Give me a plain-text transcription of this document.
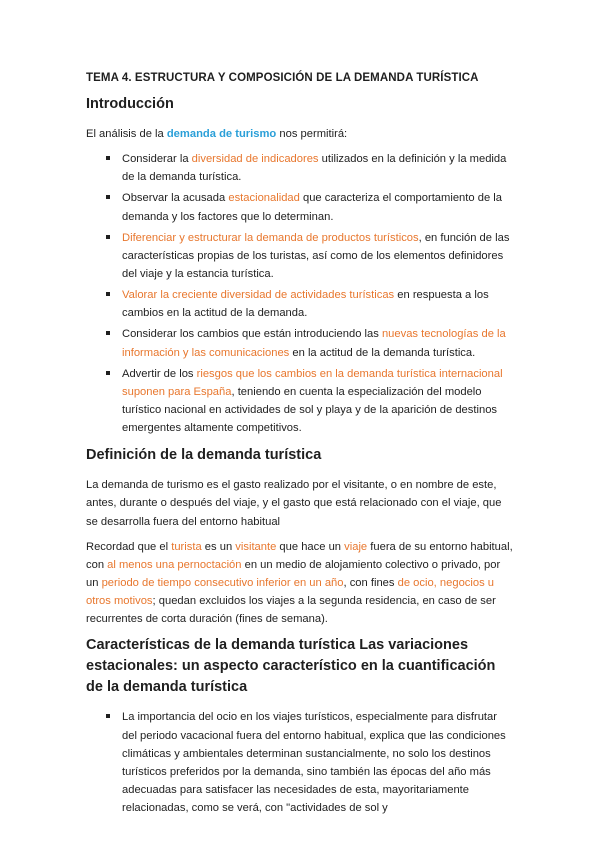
TEMA 4. ESTRUCTURA Y COMPOSICIÓN DE LA DEMANDA TURÍSTICA
Introducción

El análisis de la demanda de turismo nos permitirá:

Considerar la diversidad de indicadores utilizados en la definición y la medida de la demanda turística.
Observar la acusada estacionalidad que caracteriza el comportamiento de la demanda y los factores que lo determinan.
Diferenciar y estructurar la demanda de productos turísticos, en función de las características propias de los turistas, así como de los elementos definidores del viaje y la estancia turística.
Valorar la creciente diversidad de actividades turísticas en respuesta a los cambios en la actitud de la demanda.
Considerar los cambios que están introduciendo las nuevas tecnologías de la información y las comunicaciones en la actitud de la demanda turística.
Advertir de los riesgos que los cambios en la demanda turística internacional suponen para España, teniendo en cuenta la especialización del modelo turístico nacional en actividades de sol y playa y de la aparición de destinos emergentes altamente competitivos.
Definición de la demanda turística

La demanda de turismo es el gasto realizado por el visitante, o en nombre de este, antes, durante o después del viaje, y el gasto que está relacionado con el viaje, que se desarrolla fuera del entorno habitual

Recordad que el turista es un visitante que hace un viaje fuera de su entorno habitual, con al menos una pernoctación en un medio de alojamiento colectivo o privado, por un periodo de tiempo consecutivo inferior en un año, con fines de ocio, negocios u otros motivos; quedan excluidos los viajes a la segunda residencia, en caso de ser recurrentes de corta duración (fines de semana).

Características de la demanda turística Las variaciones estacionales: un aspecto característico en la cuantificación de la demanda turística
La importancia del ocio en los viajes turísticos, especialmente para disfrutar del periodo vacacional fuera del entorno habitual, explica que las condiciones climáticas y ambientales determinan sustancialmente, no solo los destinos turísticos preferidos por la demanda, sino también las épocas del año más adecuadas para satisfacer las necesidades de esta, mayoritariamente relacionadas, como se verá, con "actividades de sol y
